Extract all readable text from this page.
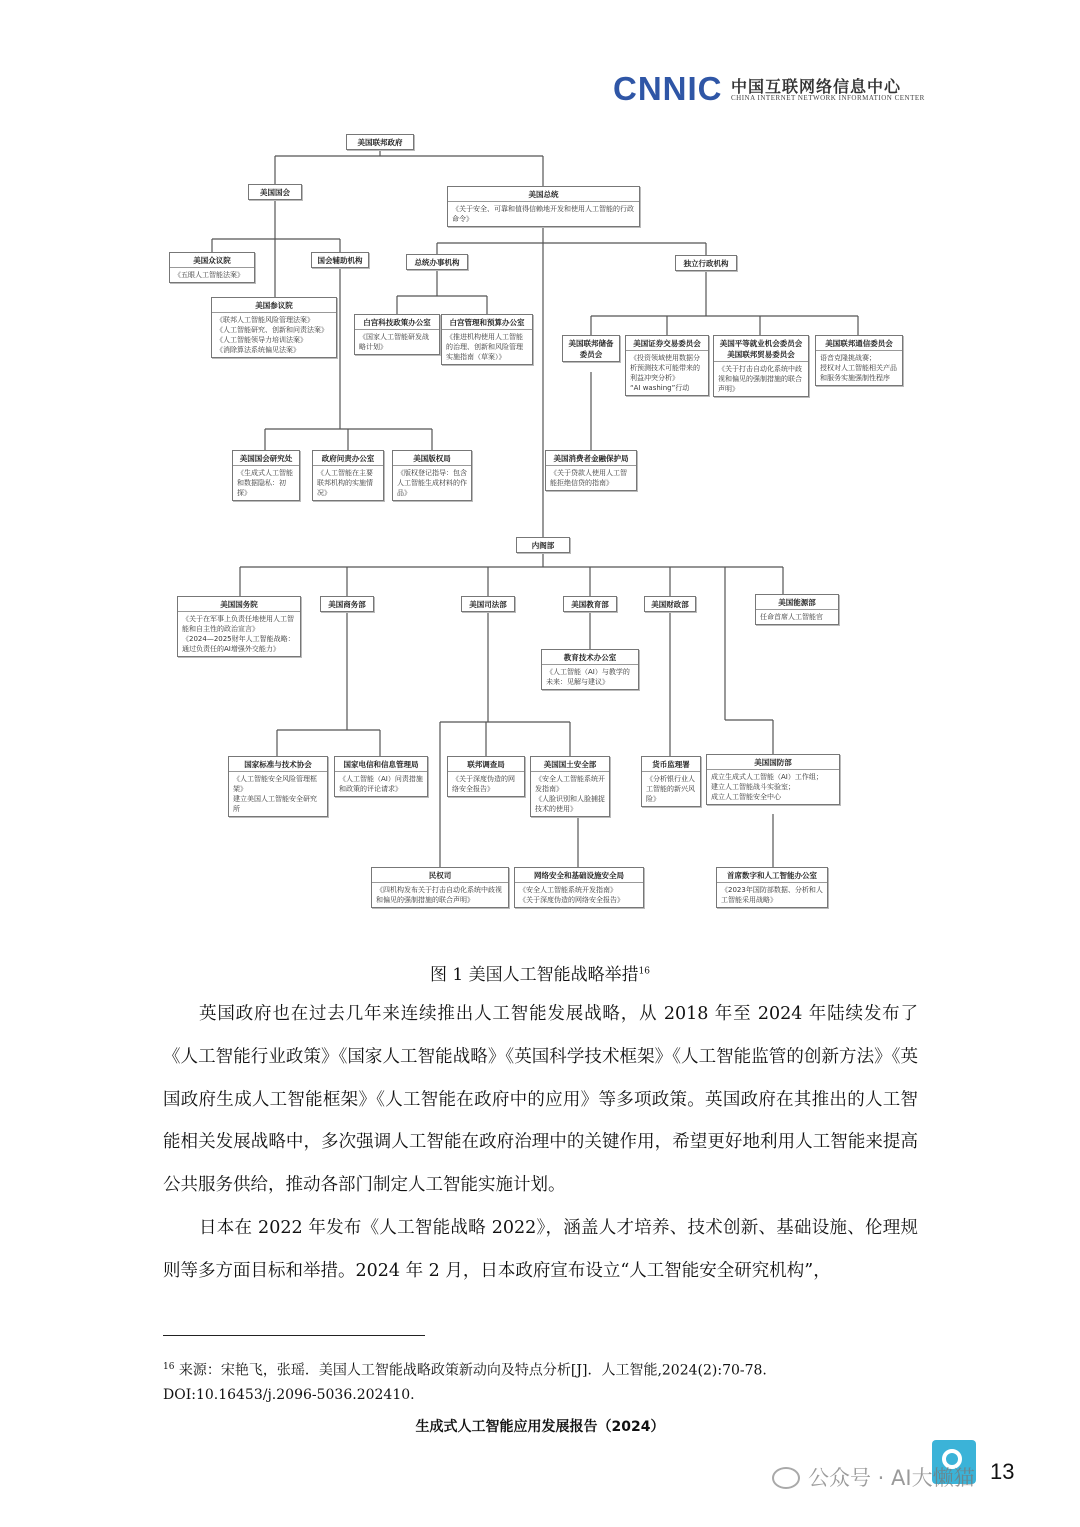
CNNIC 中国互联网络信息中心
CHINA INTERNET NETWORK INFORMATION CENTER
美国联邦政府
美国国会	美国总统
《关于安全、可靠和值得信赖地开发和使用人工智能的行政命令》
美国众议院
《五眼人工智能法案》
国会辅助机构	总统办事机构	独立行政机构
美国参议院
《联邦人工智能风险管理法案》
《人工智能研究、创新和问责法案》
《人工智能领导力培训法案》
《消除算法系统偏见法案》
白宫科技政策办公室
《国家人工智能研发战略计划》
白宫管理和预算办公室
《推进机构使用人工智能的治理、创新和风险管理实施指南（草案）》
美国联邦储备委员会
美国证券交易委员会
《投资领域使用数据分析预测技术可能带来的利益冲突分析》
“AI washing”行动
美国平等就业机会委员会
美国联邦贸易委员会
《关于打击自动化系统中歧视和偏见的强制措施的联合声明》
美国联邦通信委员会
语音克隆挑战赛；
授权对人工智能相关产品和服务实施强制性程序
美国国会研究处
《生成式人工智能和数据隐私：初探》
政府问责办公室
《人工智能在主要联邦机构的实施情况》
美国版权局
《版权登记指导：包含人工智能生成材料的作品》
美国消费者金融保护局
《关于贷款人使用人工智能拒绝信贷的指南》
内阁部
美国国务院
《关于在军事上负责任地使用人工智能和自主性的政治宣言》
《2024—2025财年人工智能战略：通过负责任的AI增强外交能力》
美国商务部	美国司法部	美国教育部	美国财政部	美国能源部
任命首席人工智能官
教育技术办公室
《人工智能（AI）与教学的未来：见解与建议》
国家标准与技术协会
《人工智能安全风险管理框架》
建立美国人工智能安全研究所
国家电信和信息管理局
《人工智能（AI）问责措施和政策的评论请求》
联邦调查局
《关于深度伪造的网络安全报告》
美国国土安全部
《安全人工智能系统开发指南》
《人脸识别和人脸捕捉技术的使用》
货币监理署
《分析银行业人工智能的新兴风险》
美国国防部
成立生成式人工智能（AI）工作组；
建立人工智能战斗实验室；
成立人工智能安全中心
民权司
《四机构发布关于打击自动化系统中歧视和偏见的强制措施的联合声明》
网络安全和基础设施安全局
《安全人工智能系统开发指南》
《关于深度伪造的网络安全报告》
首席数字和人工智能办公室
《2023年国防部数据、分析和人工智能采用战略》
图 1 美国人工智能战略举措$^{16}$

英国政府也在过去几年来连续推出人工智能发展战略，从 2018 年至 2024 年陆续发布了《人工智能行业政策》《国家人工智能战略》《英国科学技术框架》《人工智能监管的创新方法》《英国政府生成人工智能框架》《人工智能在政府中的应用》等多项政策。英国政府在其推出的人工智能相关发展战略中，多次强调人工智能在政府治理中的关键作用，希望更好地利用人工智能来提高公共服务供给，推动各部门制定人工智能实施计划。

日本在 2022 年发布《人工智能战略 2022》，涵盖人才培养、技术创新、基础设施、伦理规则等多方面目标和举措。2024 年 2 月，日本政府宣布设立“人工智能安全研究机构”，

$^{16}$ 来源：宋艳飞，张瑶．美国人工智能战略政策新动向及特点分析[J]．人工智能,2024(2):70-78. DOI:10.16453/j.2096-5036.202410.

生成式人工智能应用发展报告（2024）
13
公众号 · AI大懒猫
